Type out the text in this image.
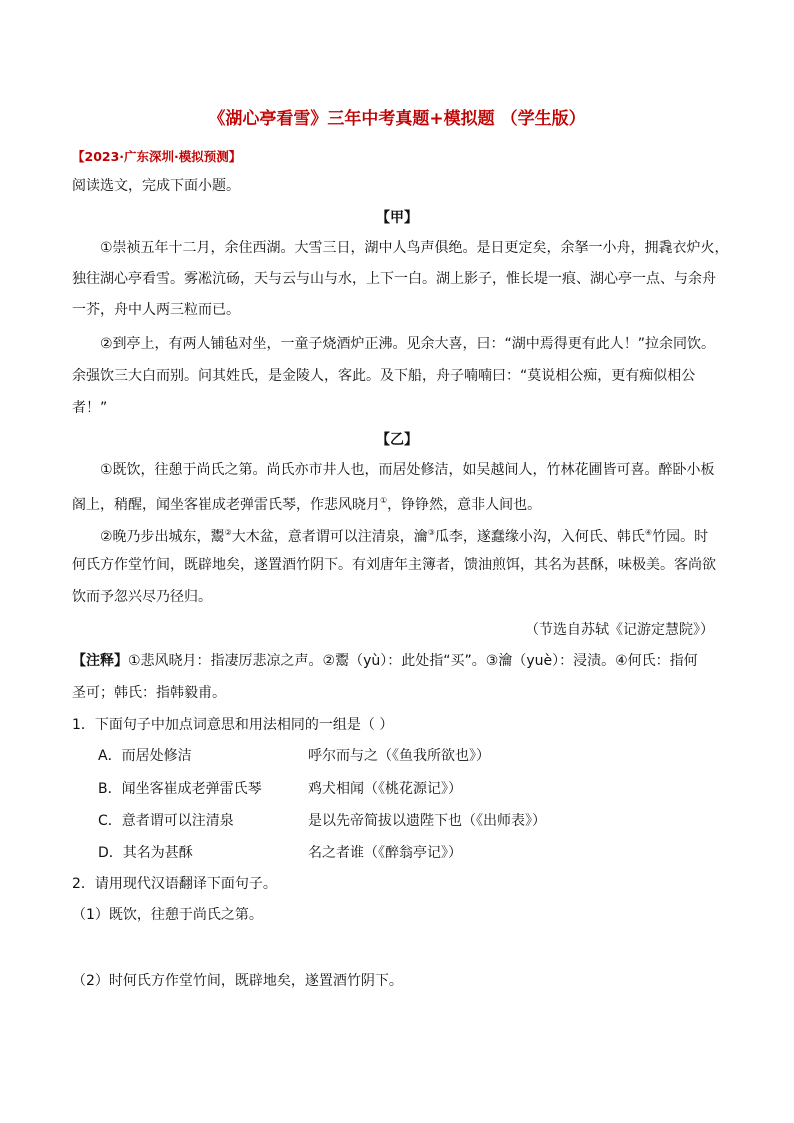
《湖心亭看雪》三年中考真题+模拟题 （学生版）
【2023·广东深圳·模拟预测】
阅读选文，完成下面小题。
【甲】
①崇祯五年十二月，余住西湖。大雪三日，湖中人鸟声俱绝。是日更定矣，余拏一小舟，拥毳衣炉火，
独往湖心亭看雪。雾凇沆砀，天与云与山与水，上下一白。湖上影子，惟长堤一痕、湖心亭一点、与余舟
一芥，舟中人两三粒而已。
②到亭上，有两人铺毡对坐，一童子烧酒炉正沸。见余大喜，曰：“湖中焉得更有此人！”拉余同饮。
余强饮三大白而别。问其姓氏，是金陵人，客此。及下船，舟子喃喃曰：“莫说相公痴，更有痴似相公
者！”
【乙】
①既饮，往憩于尚氏之第。尚氏亦市井人也，而居处修洁，如吴越间人，竹林花圃皆可喜。醉卧小板
阁上，稍醒，闻坐客崔成老弹雷氏琴，作悲风晓月①，铮铮然，意非人间也。
②晚乃步出城东，鬻②大木盆，意者谓可以注清泉，瀹③瓜李，遂蠢缘小沟，入何氏、韩氏④竹园。时
何氏方作堂竹间，既辟地矣，遂置酒竹阴下。有刘唐年主簿者，馈油煎饵，其名为甚酥，味极美。客尚欲
饮而予忽兴尽乃径归。
（节选自苏轼《记游定慧院》）
【注释】①悲风晓月：指凄厉悲凉之声。②鬻（yù）：此处指“买”。③瀹（yuè）：浸渍。④何氏：指何
圣可；韩氏：指韩毅甫。
1．下面句子中加点词意思和用法相同的一组是（ ）
A．而居处修洁	呼尔而与之（《鱼我所欲也》）
B．闻坐客崔成老弹雷氏琴	鸡犬相闻（《桃花源记》）
C．意者谓可以注清泉	是以先帝简拔以遗陛下也（《出师表》）
D．其名为甚酥	名之者谁（《醉翁亭记》）
2．请用现代汉语翻译下面句子。
（1）既饮，往憩于尚氏之第。
（2）时何氏方作堂竹间，既辟地矣，遂置酒竹阴下。
